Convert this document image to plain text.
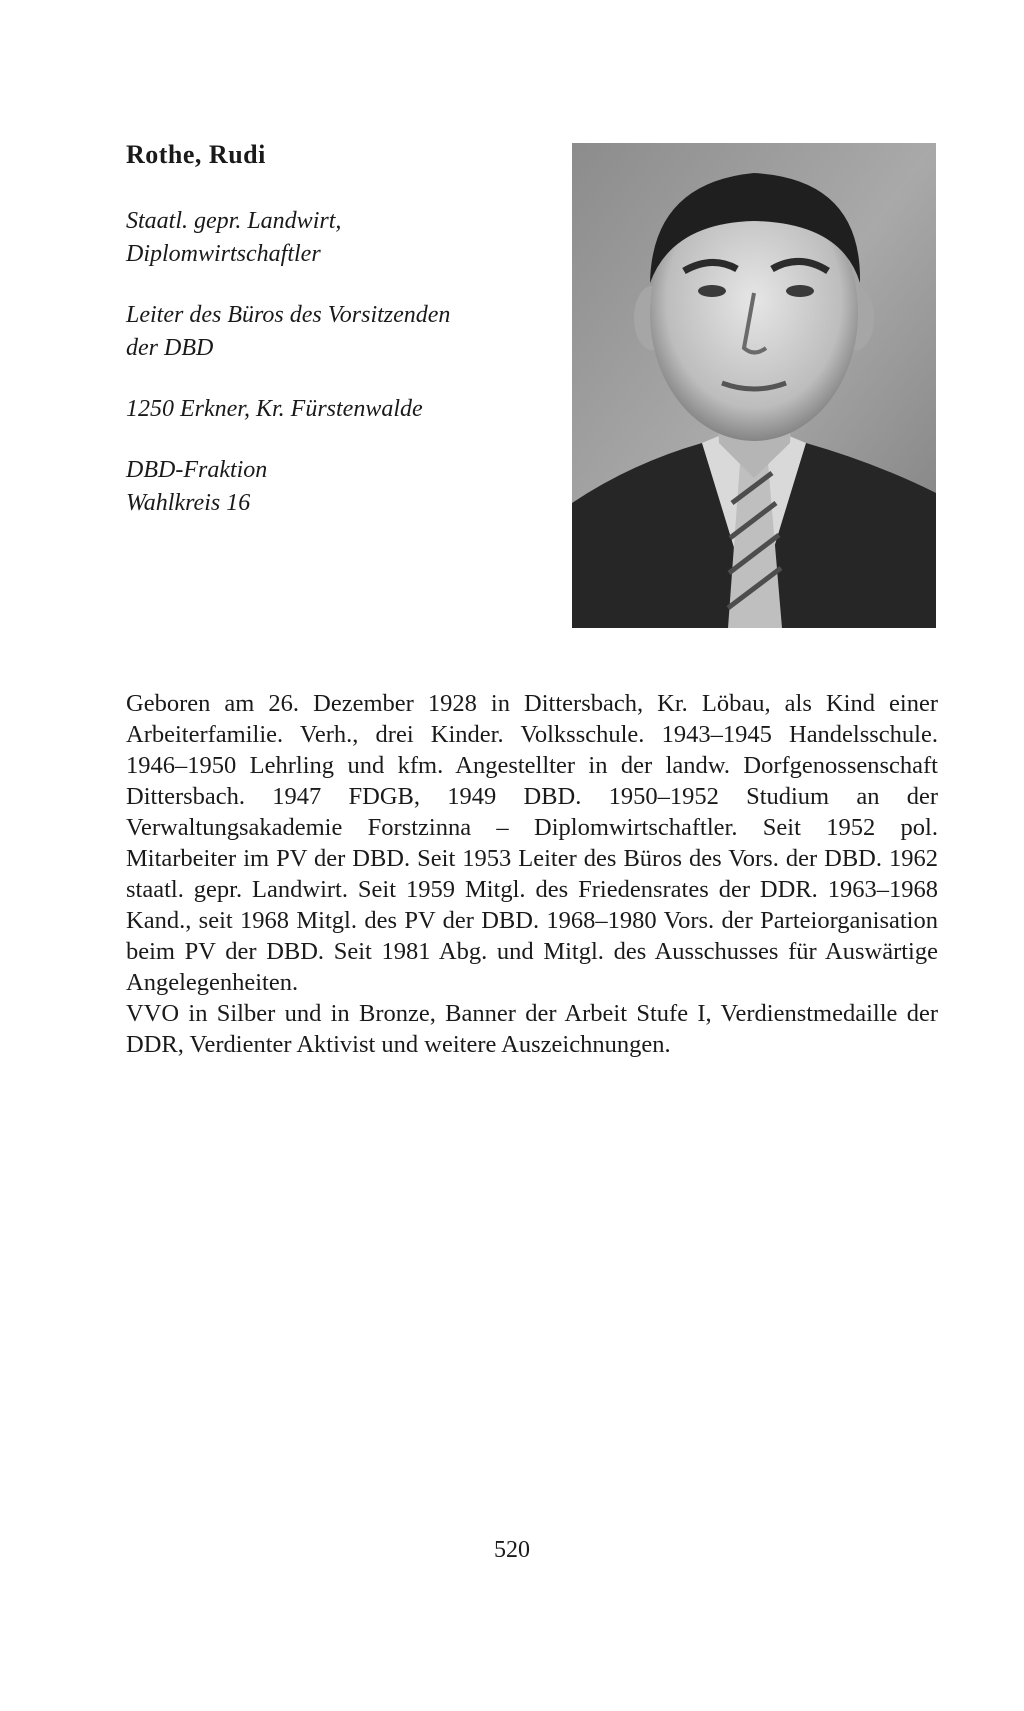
Rothe, Rudi
Staatl. gepr. Landwirt,
Diplomwirtschaftler
Leiter des Büros des Vorsitzenden
der DBD
1250 Erkner, Kr. Fürstenwalde
DBD-Fraktion
Wahlkreis 16

Geboren am 26. Dezember 1928 in Dittersbach, Kr. Löbau, als Kind einer Arbeiterfamilie. Verh., drei Kinder. Volksschule. 1943–1945 Handelsschule. 1946–1950 Lehrling und kfm. Angestellter in der landw. Dorfgenossenschaft Dittersbach. 1947 FDGB, 1949 DBD. 1950–1952 Studium an der Verwaltungsakademie Forstzinna – Diplomwirtschaftler. Seit 1952 pol. Mitarbeiter im PV der DBD. Seit 1953 Leiter des Büros des Vors. der DBD. 1962 staatl. gepr. Landwirt. Seit 1959 Mitgl. des Friedensrates der DDR. 1963–1968 Kand., seit 1968 Mitgl. des PV der DBD. 1968–1980 Vors. der Parteiorganisation beim PV der DBD. Seit 1981 Abg. und Mitgl. des Ausschusses für Auswärtige Angelegenheiten.

VVO in Silber und in Bronze, Banner der Arbeit Stufe I, Verdienstmedaille der DDR, Verdienter Aktivist und weitere Auszeichnungen.

520
